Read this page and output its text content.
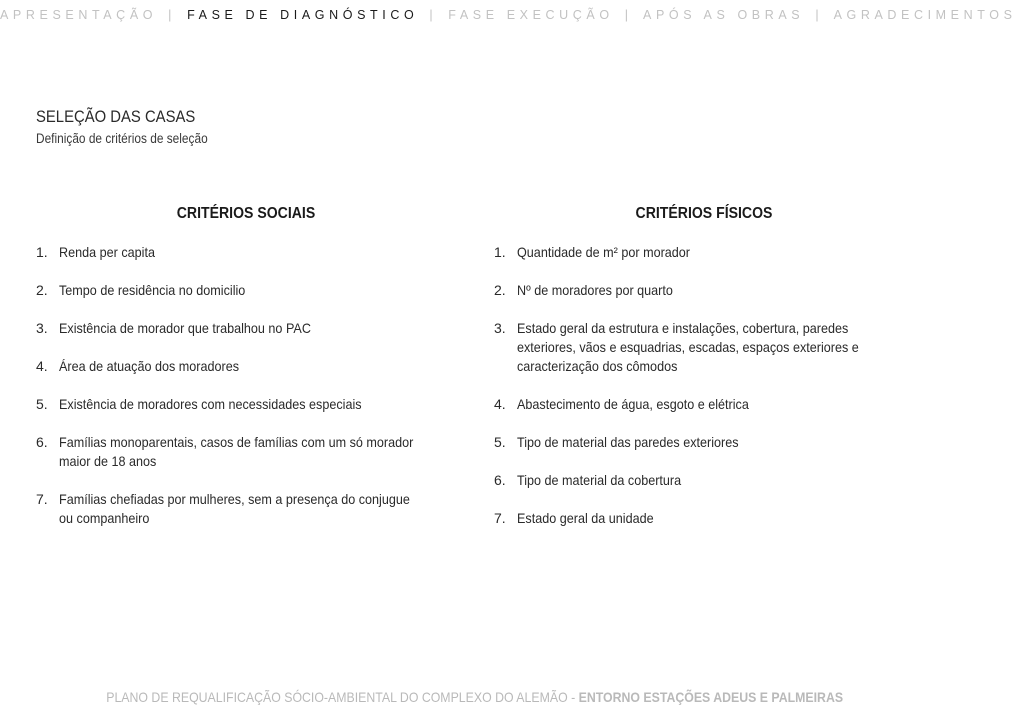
APRESENTAÇÃO | FASE DE DIAGNÓSTICO | FASE EXECUÇÃO | APÓS AS OBRAS | AGRADECIMENTOS
SELEÇÃO DAS CASAS
Definição de critérios de seleção
CRITÉRIOS SOCIAIS
1. Renda per capita
2. Tempo de residência no domicilio
3. Existência de morador que trabalhou no PAC
4. Área de atuação dos moradores
5. Existência de moradores com necessidades especiais
6. Famílias monoparentais, casos de famílias com um só morador maior de 18 anos
7. Famílias chefiadas por mulheres, sem a presença do conjugue ou companheiro
CRITÉRIOS FÍSICOS
1. Quantidade de m² por morador
2. Nº de moradores por quarto
3. Estado geral da estrutura e instalações, cobertura, paredes exteriores, vãos e esquadrias, escadas, espaços exteriores e caracterização dos cômodos
4. Abastecimento de água, esgoto e elétrica
5. Tipo de material das paredes exteriores
6. Tipo de material da cobertura
7. Estado geral da unidade
PLANO DE REQUALIFICAÇÃO SÓCIO-AMBIENTAL DO COMPLEXO DO ALEMÃO - ENTORNO ESTAÇÕES ADEUS E PALMEIRAS
